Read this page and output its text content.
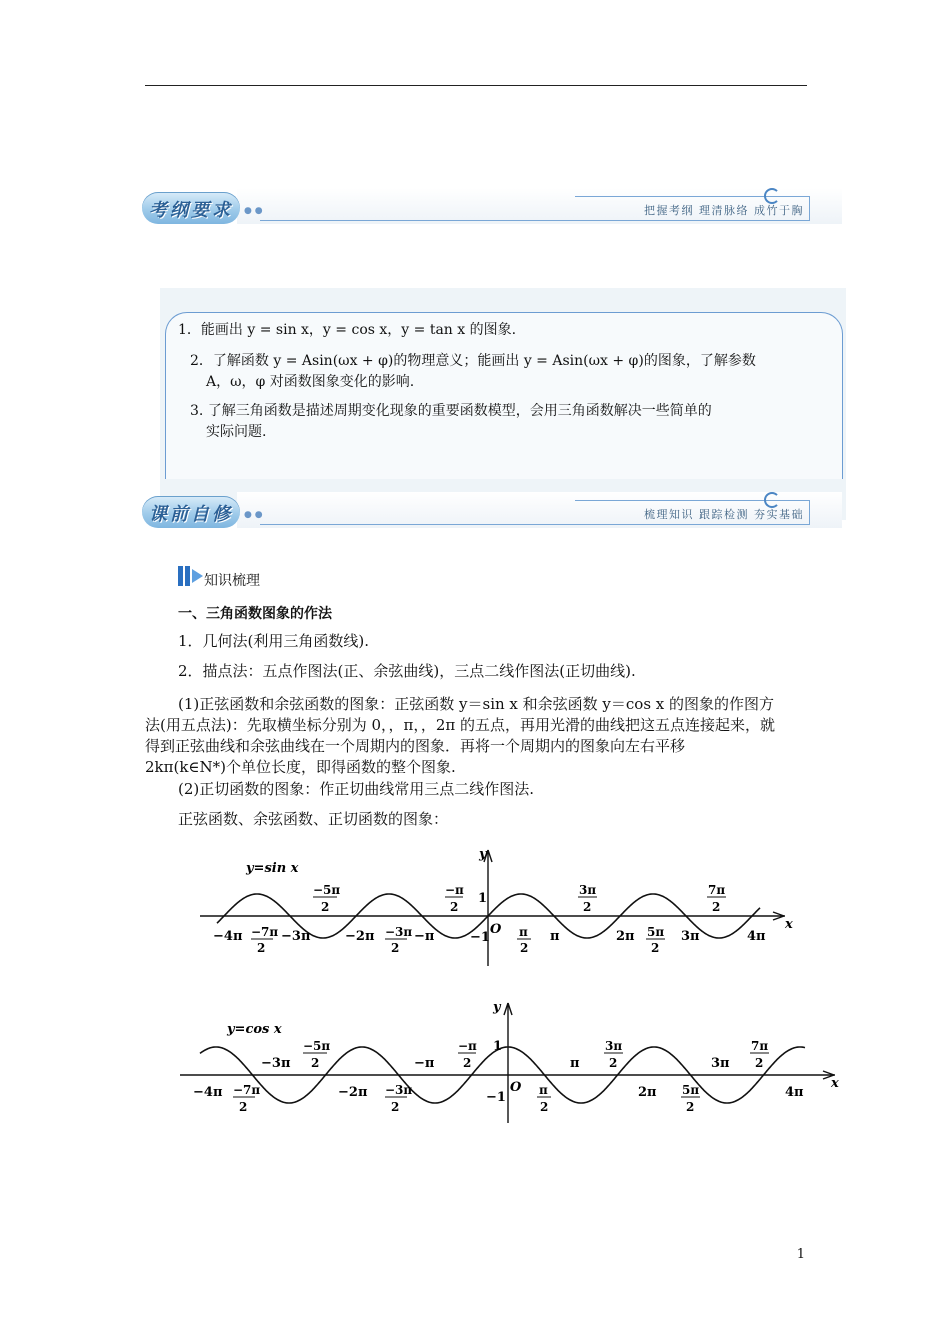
考纲要求	● ●	把握考纲 理清脉络 成竹于胸
1．能画出 y = sin x，y = cos x，y = tan x 的图象.
2．了解函数 y = Asin(ωx + φ)的物理意义；能画出 y = Asin(ωx + φ)的图象，了解参数
A，ω，φ 对函数图象变化的影响.
3. 了解三角函数是描述周期变化现象的重要函数模型，会用三角函数解决一些简单的
实际问题.
课前自修	● ●	梳理知识 跟踪检测 夯实基础
知识梳理
一、三角函数图象的作法
1．几何法(利用三角函数线).
2．描点法：五点作图法(正、余弦曲线)，三点二线作图法(正切曲线).
(1)正弦函数和余弦函数的图象：正弦函数 y＝sin x 和余弦函数 y＝cos x 的图象的作图方
法(用五点法)：先取横坐标分别为 0，，π，，2π 的五点，再用光滑的曲线把这五点连接起来，就
得到正弦曲线和余弦曲线在一个周期内的图象．再将一个周期内的图象向左右平移
2kπ(k∈N*)个单位长度，即得函数的整个图象.
(2)正切函数的图象：作正切曲线常用三点二线作图法.
正弦函数、余弦函数、正切函数的图象：
y
x
y=sin x
1
−1
O
−4π −7π
2
−3π	−2π −3π
2
−π	π
2
π	2π 5π
2
3π	4π
−5π
2
−π
2
3π
2
7π
2
y
x
y=cos x
1
−1
O
−4π −7π
2
−2π −3π
2
π
2
2π 5π
2
4π
−3π
−5π
2	−π
−π
2	π
3π
2	3π
7π
2
1
